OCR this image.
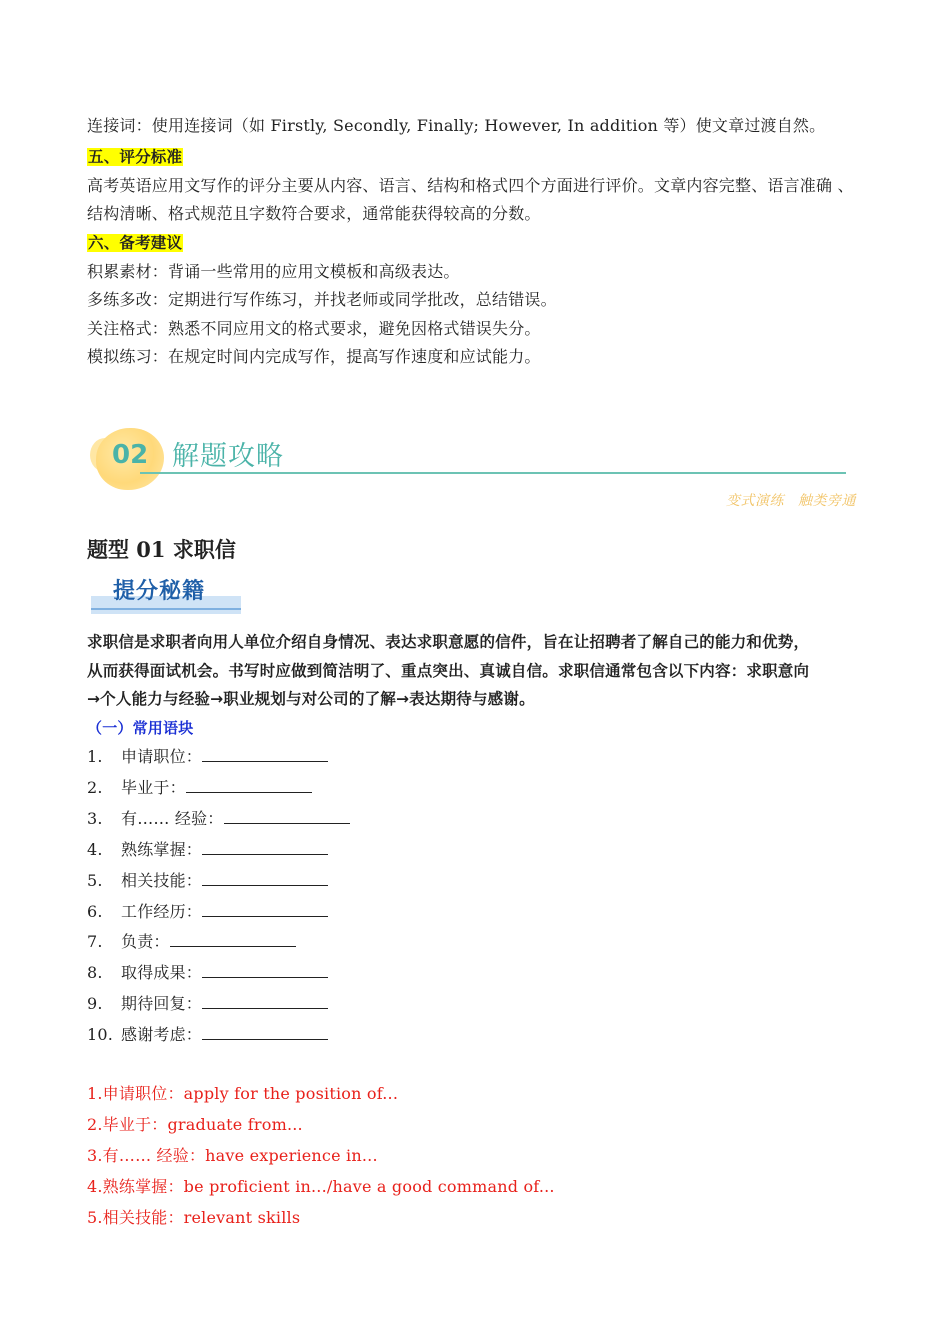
连接词：使用连接词（如 Firstly, Secondly, Finally; However, In addition 等）使文章过渡自然。
五、评分标准
高考英语应用文写作的评分主要从内容、语言、结构和格式四个方面进行评价。文章内容完整、语言准确 、
结构清晰、格式规范且字数符合要求，通常能获得较高的分数。
六、备考建议
积累素材：背诵一些常用的应用文模板和高级表达。
多练多改：定期进行写作练习，并找老师或同学批改，总结错误。
关注格式：熟悉不同应用文的格式要求，避免因格式错误失分。
模拟练习：在规定时间内完成写作，提高写作速度和应试能力。
02 解题攻略
变式演练 触类旁通
题型 01 求职信
提分秘籍
求职信是求职者向用人单位介绍自身情况、表达求职意愿的信件，旨在让招聘者了解自己的能力和优势，
从而获得面试机会。书写时应做到简洁明了、重点突出、真诚自信。求职信通常包含以下内容：求职意向
→个人能力与经验→职业规划与对公司的了解→表达期待与感谢。
（一）常用语块
1. 申请职位：
2. 毕业于：
3. 有…… 经验：
4. 熟练掌握：
5. 相关技能：
6. 工作经历：
7. 负责：
8. 取得成果：
9. 期待回复：
10. 感谢考虑：
1.申请职位：apply for the position of...
2.毕业于：graduate from...
3.有…… 经验：have experience in...
4.熟练掌握：be proficient in.../have a good command of...
5.相关技能：relevant skills
